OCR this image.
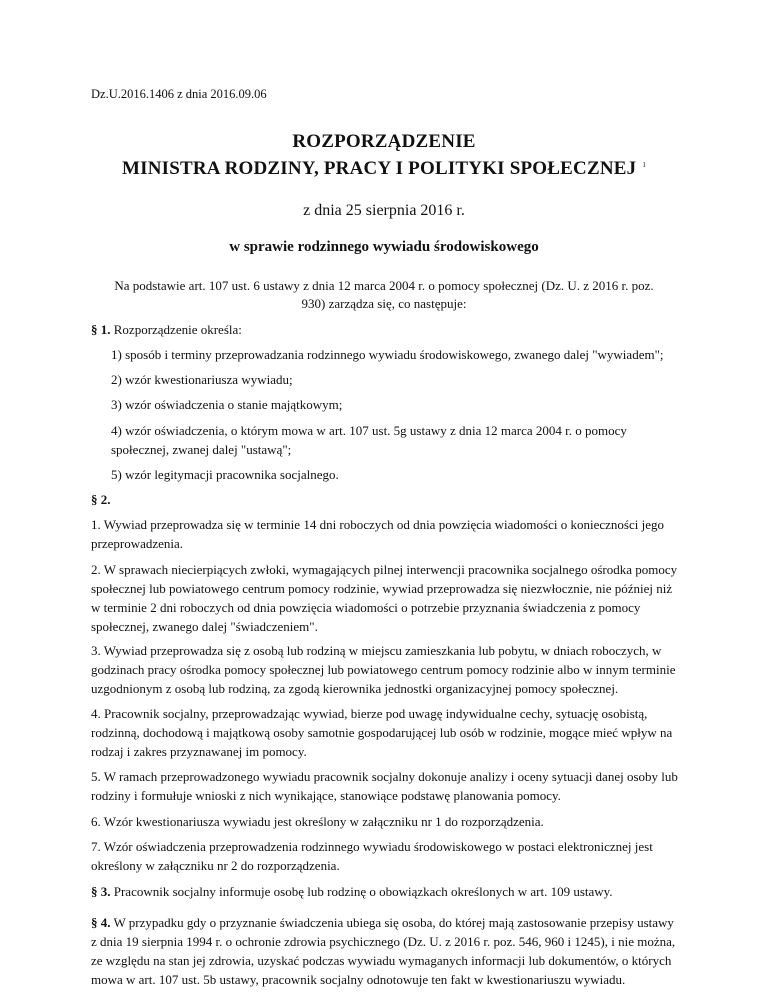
Dz.U.2016.1406 z dnia 2016.09.06
ROZPORZĄDZENIE
MINISTRA RODZINY, PRACY I POLITYKI SPOŁECZNEJ $^1$
z dnia 25 sierpnia 2016 r.
w sprawie rodzinnego wywiadu środowiskowego
Na podstawie art. 107 ust. 6 ustawy z dnia 12 marca 2004 r. o pomocy społecznej (Dz. U. z 2016 r. poz. 930) zarządza się, co następuje:
§ 1. Rozporządzenie określa:
1) sposób i terminy przeprowadzania rodzinnego wywiadu środowiskowego, zwanego dalej "wywiadem";
2) wzór kwestionariusza wywiadu;
3) wzór oświadczenia o stanie majątkowym;
4) wzór oświadczenia, o którym mowa w art. 107 ust. 5g ustawy z dnia 12 marca 2004 r. o pomocy społecznej, zwanej dalej "ustawą";
5) wzór legitymacji pracownika socjalnego.
§ 2.
1. Wywiad przeprowadza się w terminie 14 dni roboczych od dnia powzięcia wiadomości o konieczności jego przeprowadzenia.
2. W sprawach niecierpiących zwłoki, wymagających pilnej interwencji pracownika socjalnego ośrodka pomocy społecznej lub powiatowego centrum pomocy rodzinie, wywiad przeprowadza się niezwłocznie, nie później niż w terminie 2 dni roboczych od dnia powzięcia wiadomości o potrzebie przyznania świadczenia z pomocy społecznej, zwanego dalej "świadczeniem".
3. Wywiad przeprowadza się z osobą lub rodziną w miejscu zamieszkania lub pobytu, w dniach roboczych, w godzinach pracy ośrodka pomocy społecznej lub powiatowego centrum pomocy rodzinie albo w innym terminie uzgodnionym z osobą lub rodziną, za zgodą kierownika jednostki organizacyjnej pomocy społecznej.
4. Pracownik socjalny, przeprowadzając wywiad, bierze pod uwagę indywidualne cechy, sytuację osobistą, rodzinną, dochodową i majątkową osoby samotnie gospodarującej lub osób w rodzinie, mogące mieć wpływ na rodzaj i zakres przyznawanej im pomocy.
5. W ramach przeprowadzonego wywiadu pracownik socjalny dokonuje analizy i oceny sytuacji danej osoby lub rodziny i formułuje wnioski z nich wynikające, stanowiące podstawę planowania pomocy.
6. Wzór kwestionariusza wywiadu jest określony w załączniku nr 1 do rozporządzenia.
7. Wzór oświadczenia przeprowadzenia rodzinnego wywiadu środowiskowego w postaci elektronicznej jest określony w załączniku nr 2 do rozporządzenia.
§ 3. Pracownik socjalny informuje osobę lub rodzinę o obowiązkach określonych w art. 109 ustawy.
§ 4. W przypadku gdy o przyznanie świadczenia ubiega się osoba, do której mają zastosowanie przepisy ustawy z dnia 19 sierpnia 1994 r. o ochronie zdrowia psychicznego (Dz. U. z 2016 r. poz. 546, 960 i 1245), i nie można, ze względu na stan jej zdrowia, uzyskać podczas wywiadu wymaganych informacji lub dokumentów, o których mowa w art. 107 ust. 5b ustawy, pracownik socjalny odnotowuje ten fakt w kwestionariuszu wywiadu.
